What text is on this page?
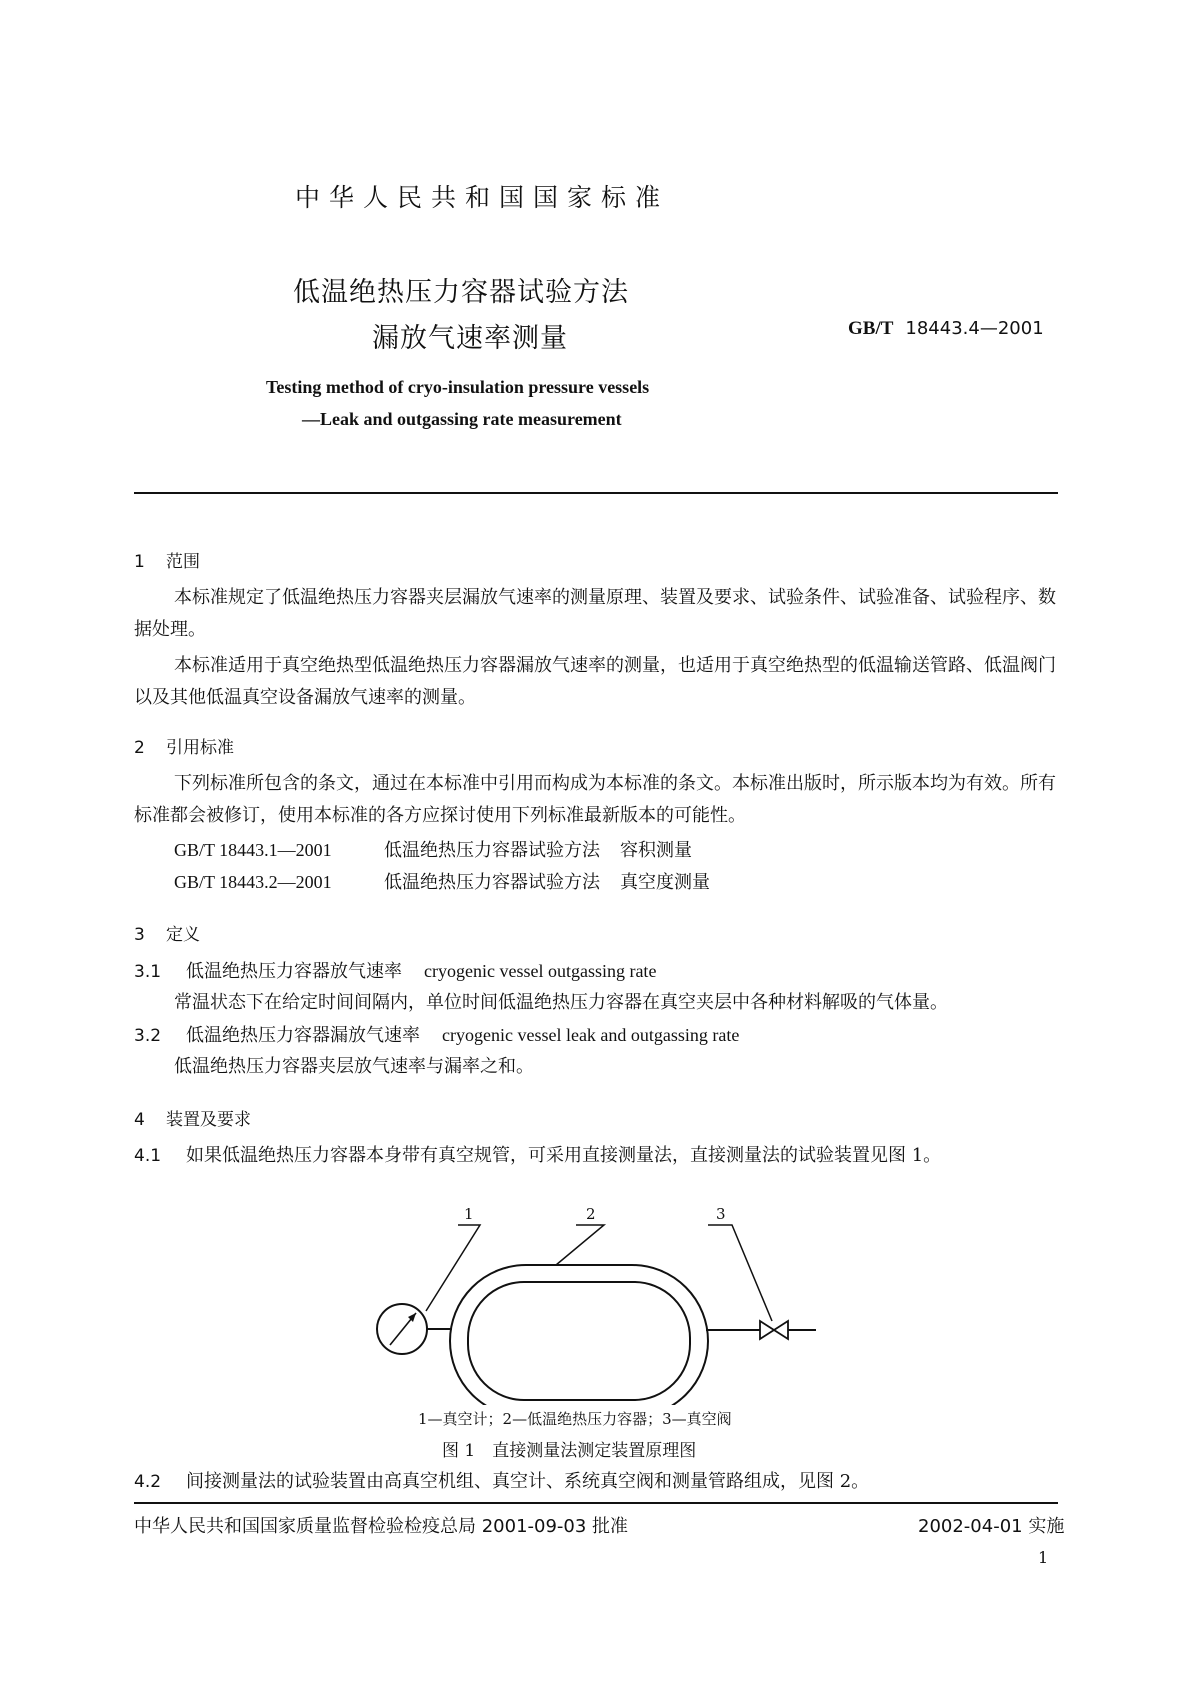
中华人民共和国国家标准
低温绝热压力容器试验方法
漏放气速率测量	GB/T 18443.4—2001
Testing method of cryo-insulation pressure vessels
—Leak and outgassing rate measurement
1 范围
本标准规定了低温绝热压力容器夹层漏放气速率的测量原理、装置及要求、试验条件、试验准备、试验程序、数据处理。
本标准适用于真空绝热型低温绝热压力容器漏放气速率的测量，也适用于真空绝热型的低温输送管路、低温阀门以及其他低温真空设备漏放气速率的测量。
2 引用标准
下列标准所包含的条文，通过在本标准中引用而构成为本标准的条文。本标准出版时，所示版本均为有效。所有标准都会被修订，使用本标准的各方应探讨使用下列标准最新版本的可能性。
GB/T 18443.1—2001	低温绝热压力容器试验方法 容积测量
GB/T 18443.2—2001	低温绝热压力容器试验方法 真空度测量
3 定义
3.1 低温绝热压力容器放气速率 cryogenic vessel outgassing rate
常温状态下在给定时间间隔内，单位时间低温绝热压力容器在真空夹层中各种材料解吸的气体量。
3.2 低温绝热压力容器漏放气速率 cryogenic vessel leak and outgassing rate
低温绝热压力容器夹层放气速率与漏率之和。
4 装置及要求
4.1 如果低温绝热压力容器本身带有真空规管，可采用直接测量法，直接测量法的试验装置见图 1。
1	2	3
1—真空计；2—低温绝热压力容器；3—真空阀
图 1　直接测量法测定装置原理图
4.2 间接测量法的试验装置由高真空机组、真空计、系统真空阀和测量管路组成，见图 2。
中华人民共和国国家质量监督检验检疫总局 2001-09-03 批准	2002-04-01 实施
1
